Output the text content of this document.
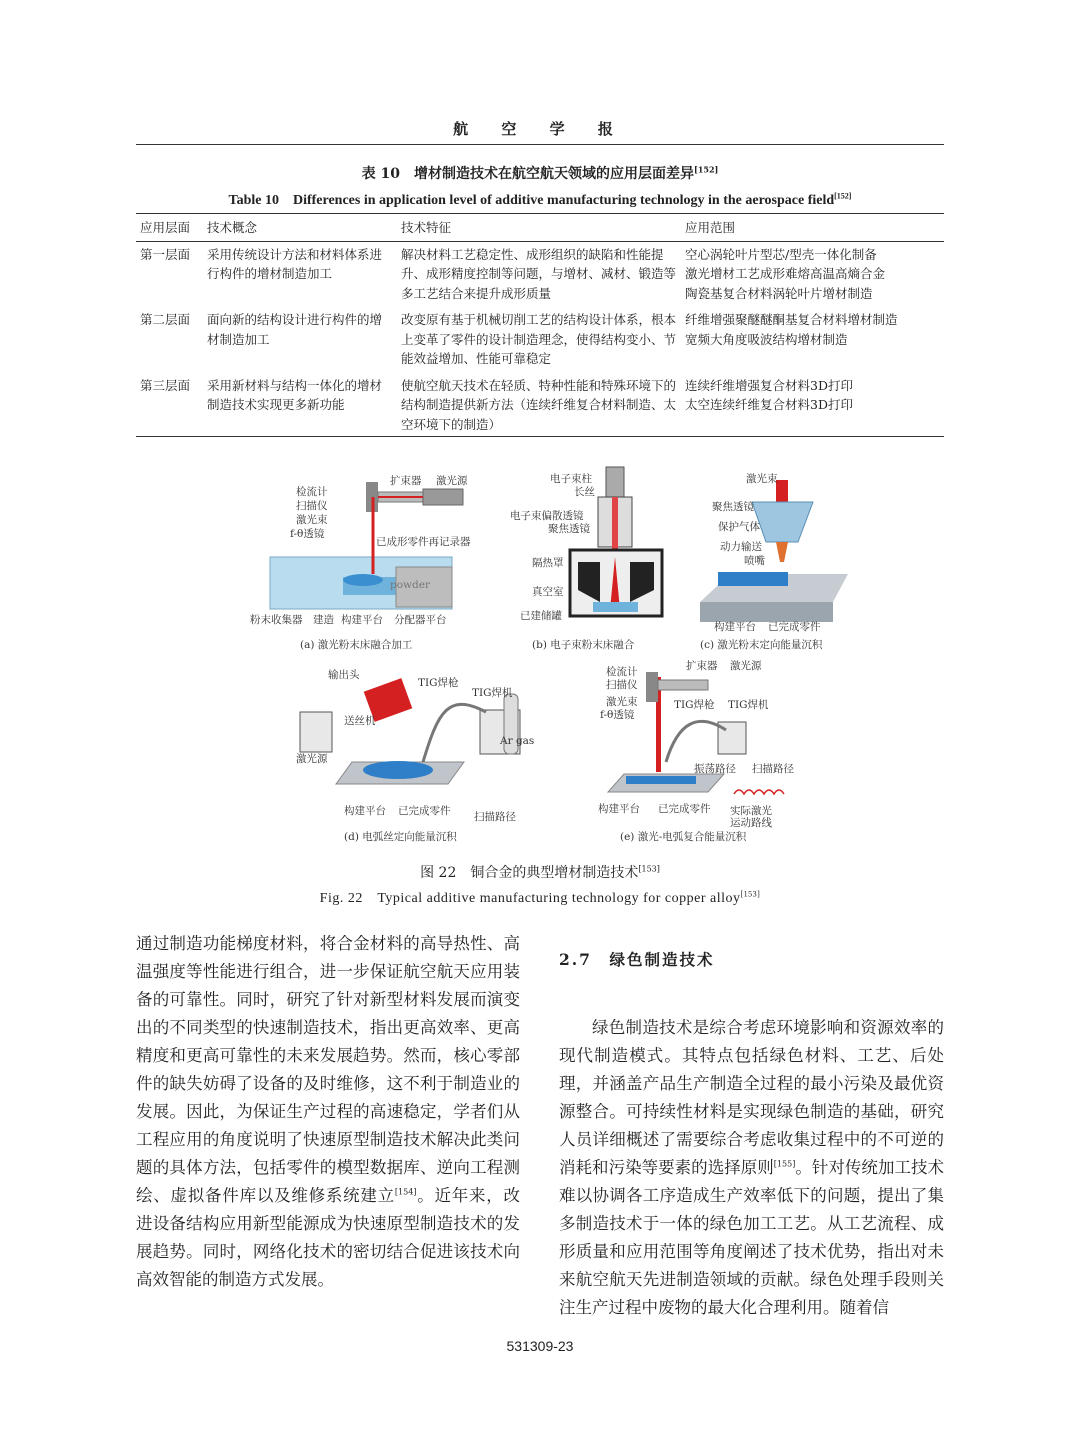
航 空 学 报
表 10　增材制造技术在航空航天领域的应用层面差异[152]
Table 10　Differences in application level of additive manufacturing technology in the aerospace field[152]
应用层面	技术概念	技术特征	应用范围
第一层面	采用传统设计方法和材料体系进行构件的增材制造加工	解决材料工艺稳定性、成形组织的缺陷和性能提升、成形精度控制等问题，与增材、减材、锻造等多工艺结合来提升成形质量	空心涡轮叶片型芯/型壳一体化制备
激光增材工艺成形难熔高温高熵合金
陶瓷基复合材料涡轮叶片增材制造

第二层面	面向新的结构设计进行构件的增材制造加工	改变原有基于机械切削工艺的结构设计体系，根本上变革了零件的设计制造理念，使得结构变小、节能效益增加、性能可靠稳定	纤维增强聚醚醚酮基复合材料增材制造
宽频大角度吸波结构增材制造

第三层面	采用新材料与结构一体化的增材制造技术实现更多新功能	使航空航天技术在轻质、特种性能和特殊环境下的结构制造提供新方法（连续纤维复合材料制造、太空环境下的制造）	连续纤维增强复合材料3D打印
太空连续纤维复合材料3D打印
检流计
扫描仪
激光束
f-θ透镜
扩束器 激光源
已成形零件再记录器
powder
粉末收集器 建造 构建平台 分配器平台
(a) 激光粉末床融合加工
电子束柱
长丝
电子束偏散透镜
聚焦透镜
隔热罩
真空室
已建储罐
(b) 电子束粉末床融合
激光束
聚焦透镜
保护气体
动力输送
喷嘴
构建平台 已完成零件
(c) 激光粉末定向能量沉积
输出头
TIG焊枪
TIG焊机
送丝机
激光源
Ar gas
构建平台 已完成零件 扫描路径
(d) 电弧丝定向能量沉积
检流计
扫描仪
激光束
f-θ透镜
扩束器 激光源
TIG焊枪 TIG焊机
振荡路径 扫描路径
构建平台 已完成零件 实际激光
运动路线
(e) 激光-电弧复合能量沉积
图 22　铜合金的典型增材制造技术[153]
Fig. 22　Typical additive manufacturing technology for copper alloy[153]
通过制造功能梯度材料，将合金材料的高导热性、高温强度等性能进行组合，进一步保证航空航天应用装备的可靠性。同时，研究了针对新型材料发展而演变出的不同类型的快速制造技术，指出更高效率、更高精度和更高可靠性的未来发展趋势。然而，核心零部件的缺失妨碍了设备的及时维修，这不利于制造业的发展。因此，为保证生产过程的高速稳定，学者们从工程应用的角度说明了快速原型制造技术解决此类问题的具体方法，包括零件的模型数据库、逆向工程测绘、虚拟备件库以及维修系统建立[154]。近年来，改进设备结构应用新型能源成为快速原型制造技术的发展趋势。同时，网络化技术的密切结合促进该技术向高效智能的制造方式发展。
2.7　绿色制造技术
绿色制造技术是综合考虑环境影响和资源效率的现代制造模式。其特点包括绿色材料、工艺、后处理，并涵盖产品生产制造全过程的最小污染及最优资源整合。可持续性材料是实现绿色制造的基础，研究人员详细概述了需要综合考虑收集过程中的不可逆的消耗和污染等要素的选择原则[155]。针对传统加工技术难以协调各工序造成生产效率低下的问题，提出了集多制造技术于一体的绿色加工工艺。从工艺流程、成形质量和应用范围等角度阐述了技术优势，指出对未来航空航天先进制造领域的贡献。绿色处理手段则关注生产过程中废物的最大化合理利用。随着信
531309-23
